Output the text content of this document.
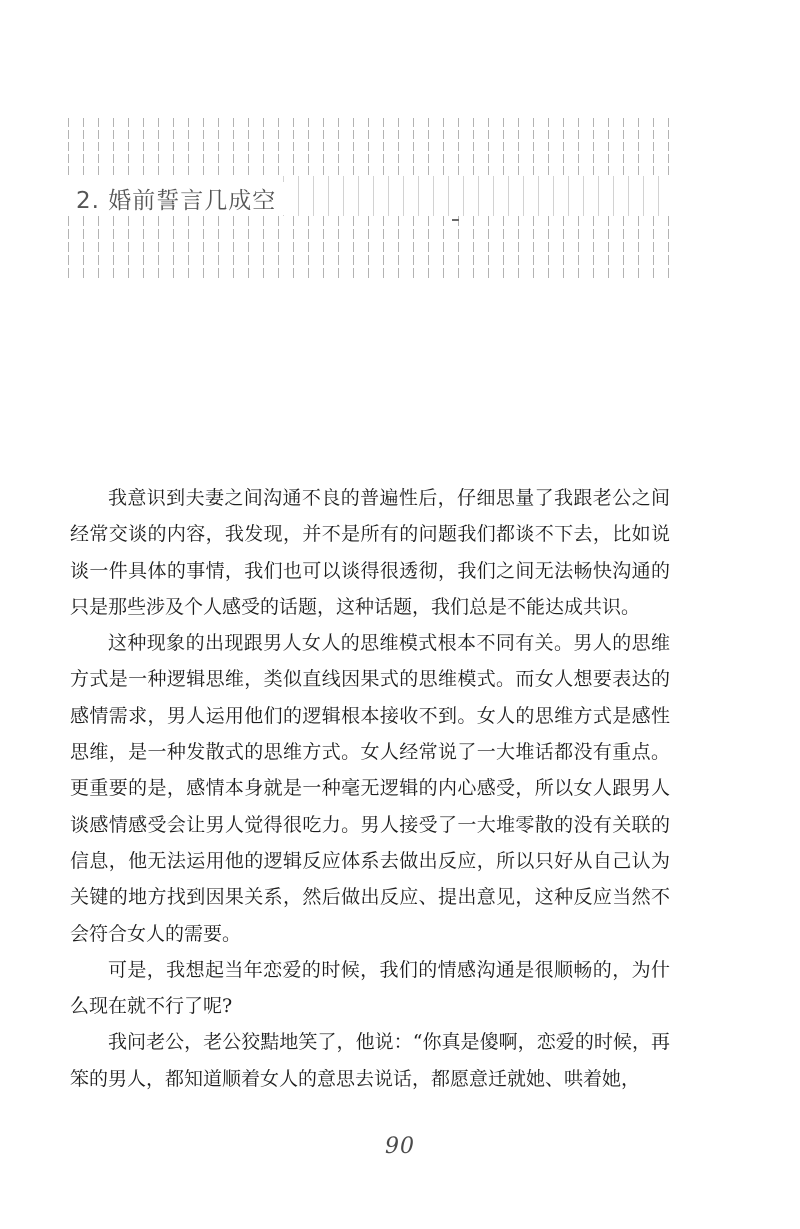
2. 婚前誓言几成空

我意识到夫妻之间沟通不良的普遍性后，仔细思量了我跟老公之间经常交谈的内容，我发现，并不是所有的问题我们都谈不下去，比如说谈一件具体的事情，我们也可以谈得很透彻，我们之间无法畅快沟通的只是那些涉及个人感受的话题，这种话题，我们总是不能达成共识。

这种现象的出现跟男人女人的思维模式根本不同有关。男人的思维方式是一种逻辑思维，类似直线因果式的思维模式。而女人想要表达的感情需求，男人运用他们的逻辑根本接收不到。女人的思维方式是感性思维，是一种发散式的思维方式。女人经常说了一大堆话都没有重点。更重要的是，感情本身就是一种毫无逻辑的内心感受，所以女人跟男人谈感情感受会让男人觉得很吃力。男人接受了一大堆零散的没有关联的信息，他无法运用他的逻辑反应体系去做出反应，所以只好从自己认为关键的地方找到因果关系，然后做出反应、提出意见，这种反应当然不会符合女人的需要。

可是，我想起当年恋爱的时候，我们的情感沟通是很顺畅的，为什么现在就不行了呢?

我问老公，老公狡黠地笑了，他说：“你真是傻啊，恋爱的时候，再笨的男人，都知道顺着女人的意思去说话，都愿意迁就她、哄着她，

90
